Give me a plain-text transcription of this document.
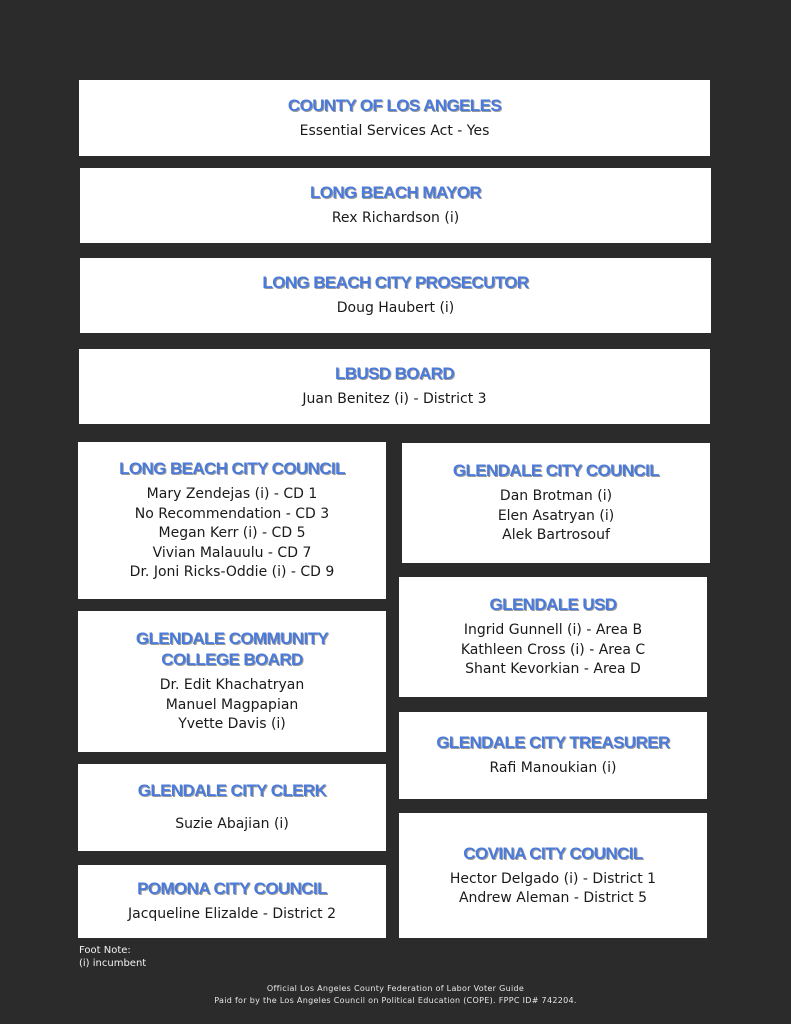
COUNTY OF LOS ANGELES
Essential Services Act - Yes
LONG BEACH MAYOR
Rex Richardson (i)
LONG BEACH CITY PROSECUTOR
Doug Haubert (i)
LBUSD BOARD
Juan Benitez (i) - District 3
LONG BEACH CITY COUNCIL
Mary Zendejas (i) - CD 1
No Recommendation - CD 3
Megan Kerr (i) - CD 5
Vivian Malauulu - CD 7
Dr. Joni Ricks-Oddie (i) - CD 9
GLENDALE CITY COUNCIL
Dan Brotman (i)
Elen Asatryan (i)
Alek Bartrosouf
GLENDALE USD
Ingrid Gunnell (i) - Area B
Kathleen Cross (i) - Area C
Shant Kevorkian - Area D
GLENDALE COMMUNITY COLLEGE BOARD
Dr. Edit Khachatryan
Manuel Magpapian
Yvette Davis (i)
GLENDALE CITY TREASURER
Rafi Manoukian (i)
GLENDALE CITY CLERK
Suzie Abajian (i)
COVINA CITY COUNCIL
Hector Delgado (i) - District 1
Andrew Aleman - District 5
POMONA CITY COUNCIL
Jacqueline Elizalde - District 2
Foot Note:
(i) incumbent
Official Los Angeles County Federation of Labor Voter Guide
Paid for by the Los Angeles Council on Political Education (COPE). FPPC ID# 742204.
